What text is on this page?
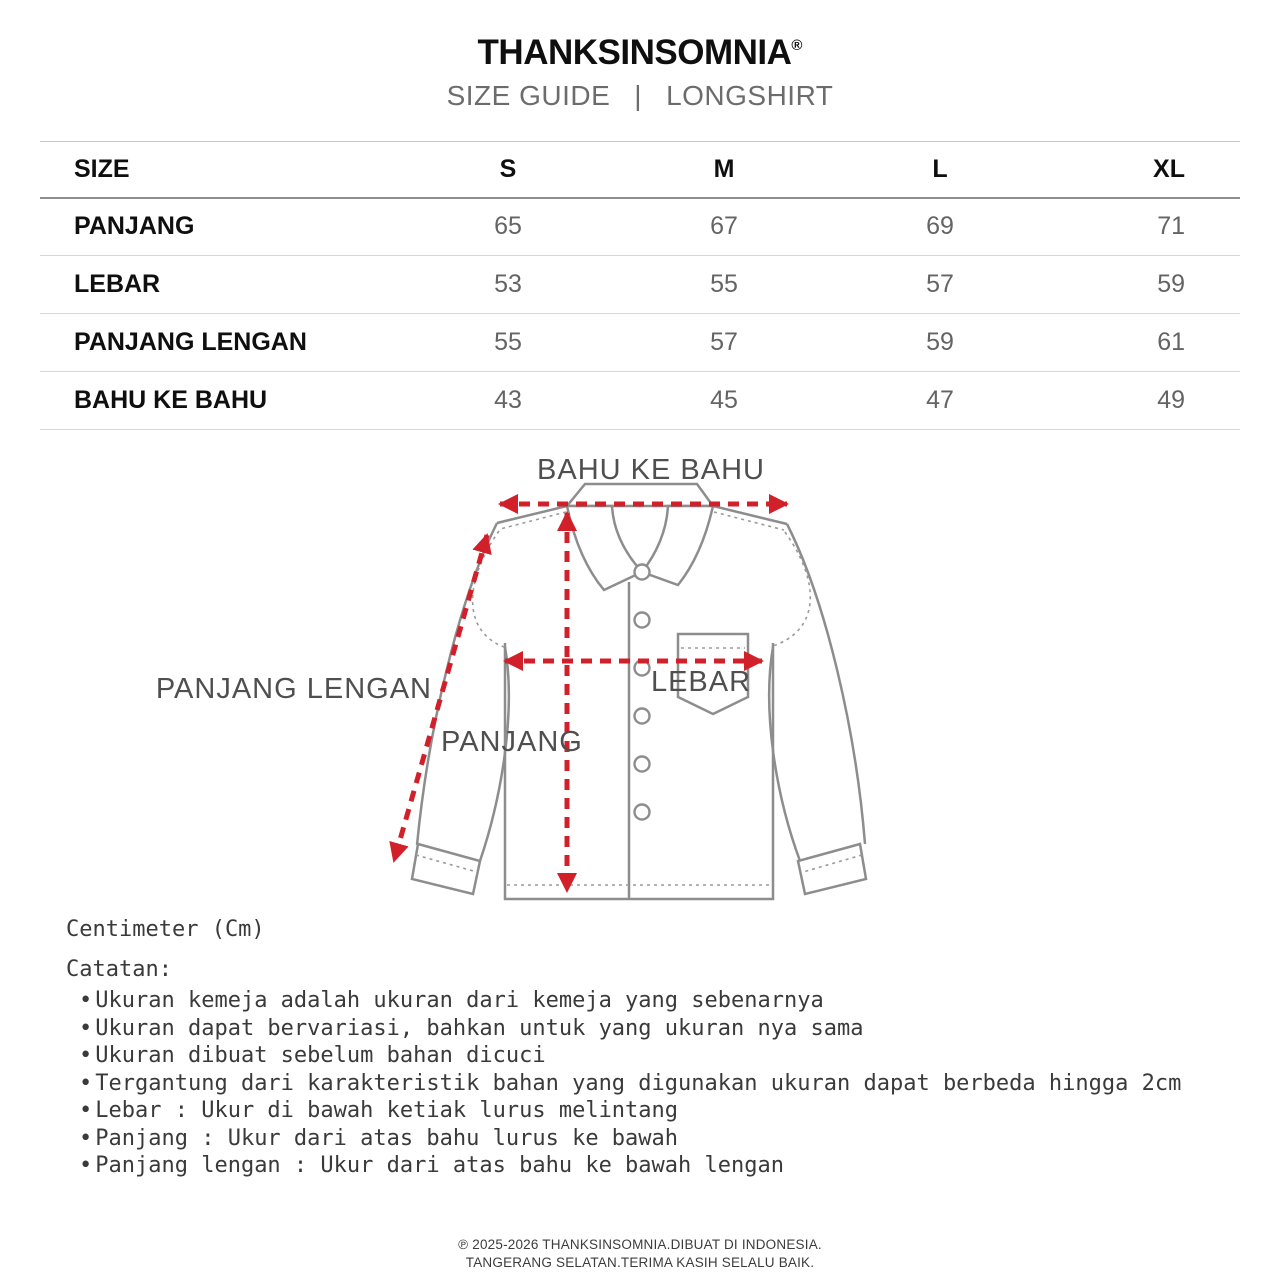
THANKSINSOMNIA®
SIZE GUIDE | LONGSHIRT
SIZE	S	M	L	XL
PANJANG	65	67	69	71
LEBAR	53	55	57	59
PANJANG LENGAN	55	57	59	61
BAHU KE BAHU	43	45	47	49
BAHU KE BAHU
PANJANG LENGAN
PANJANG
LEBAR
Centimeter (Cm)
Catatan:
• Ukuran kemeja adalah ukuran dari kemeja yang sebenarnya
• Ukuran dapat bervariasi, bahkan untuk yang ukuran nya sama
• Ukuran dibuat sebelum bahan dicuci
• Tergantung dari karakteristik bahan yang digunakan ukuran dapat berbeda hingga 2cm
• Lebar : Ukur di bawah ketiak lurus melintang
• Panjang : Ukur dari atas bahu lurus ke bawah
• Panjang lengan : Ukur dari atas bahu ke bawah lengan
℗ 2025-2026 THANKSINSOMNIA.DIBUAT DI INDONESIA.
TANGERANG SELATAN.TERIMA KASIH SELALU BAIK.
